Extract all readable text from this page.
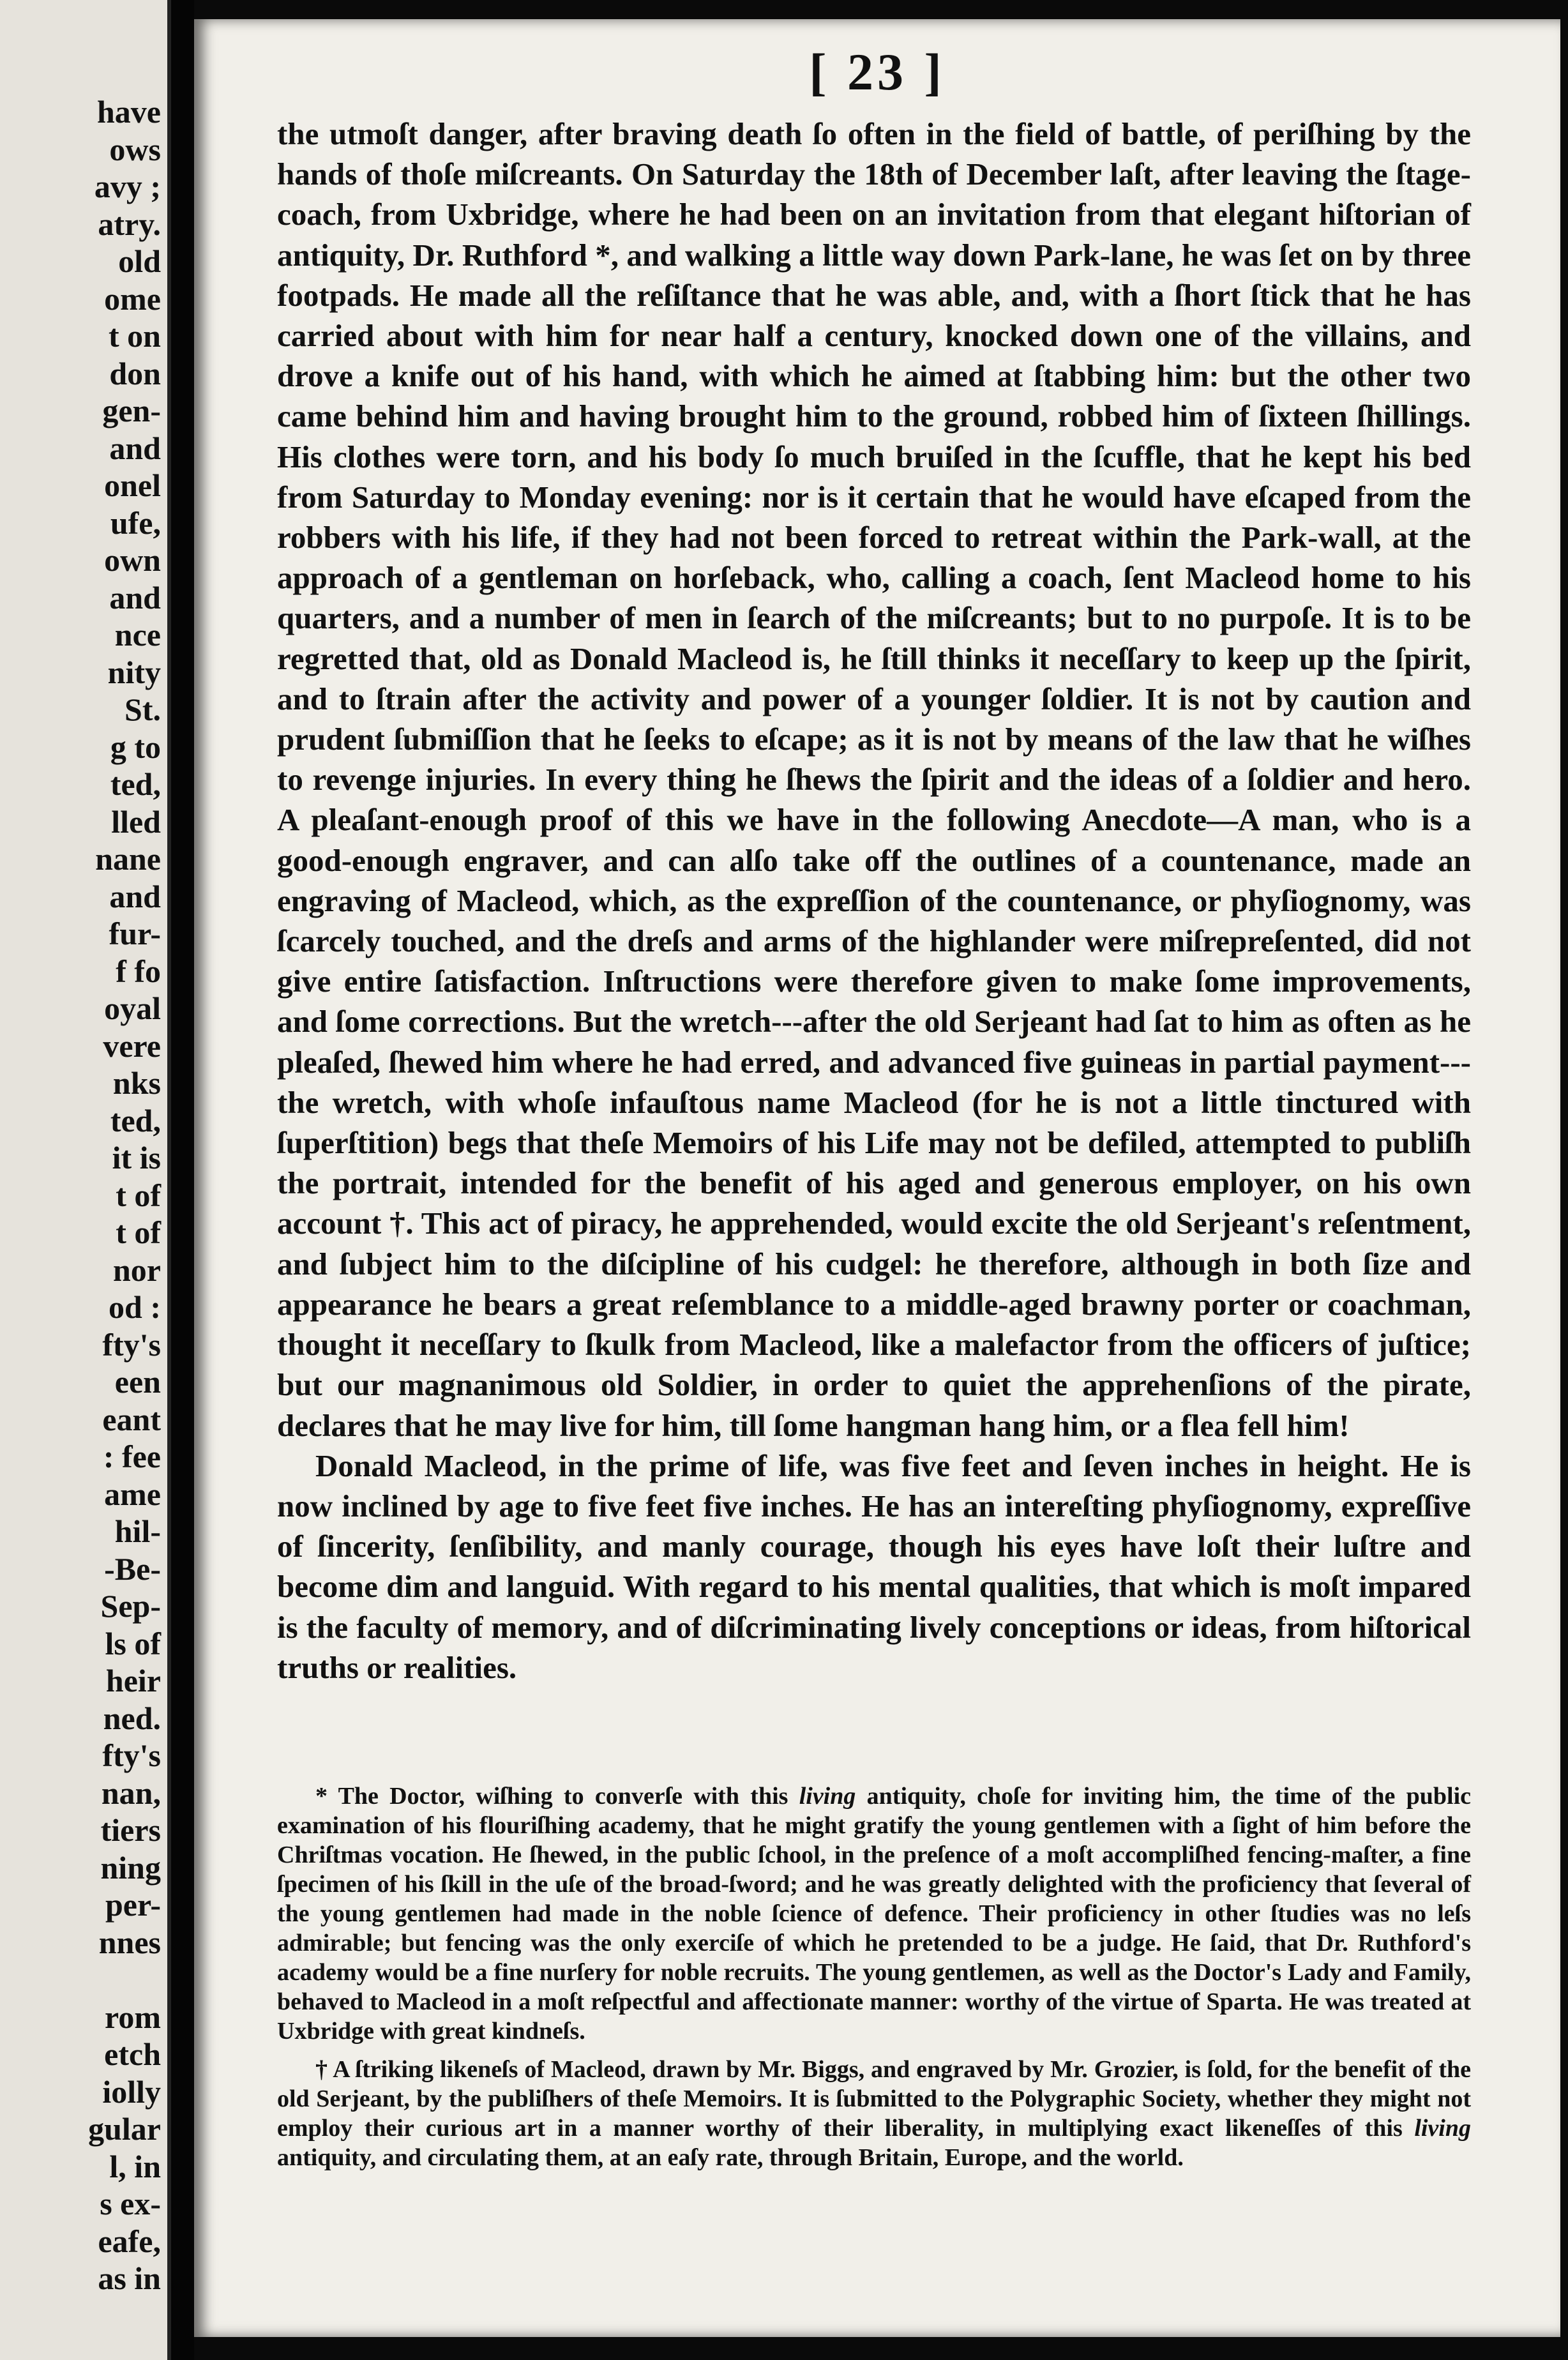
have
ows
avy ;
atry.
old
ome
t on
don
gen-
and
onel
ufe,
own
and
nce
nity
St.
g to
ted,
lled
nane
and
fur-
f fo
oyal
vere
nks
ted,
it is
t of
t of
nor
od :
fty's
een
eant
: fee
ame
hil-
-Be-
Sep-
ls of
heir
ned.
fty's
nan,
tiers
ning
per-
nnes
rom
etch
iolly
gular
l, in
s ex-
eafe,
as in
[ 23 ]

the utmoſt danger, after braving death ſo often in the field of battle, of periſhing by the hands of thoſe miſcreants. On Saturday the 18th of December laſt, after leaving the ſtage-coach, from Uxbridge, where he had been on an invitation from that elegant hiſtorian of antiquity, Dr. Ruthford *, and walking a little way down Park-lane, he was ſet on by three footpads. He made all the reſiſtance that he was able, and, with a ſhort ſtick that he has carried about with him for near half a century, knocked down one of the villains, and drove a knife out of his hand, with which he aimed at ſtabbing him: but the other two came behind him and having brought him to the ground, robbed him of ſixteen ſhillings. His clothes were torn, and his body ſo much bruiſed in the ſcuffle, that he kept his bed from Saturday to Monday evening: nor is it certain that he would have eſcaped from the robbers with his life, if they had not been forced to retreat within the Park-wall, at the approach of a gentleman on horſeback, who, calling a coach, ſent Macleod home to his quarters, and a number of men in ſearch of the miſcreants; but to no purpoſe. It is to be regretted that, old as Donald Macleod is, he ſtill thinks it neceſſary to keep up the ſpirit, and to ſtrain after the activity and power of a younger ſoldier. It is not by caution and prudent ſubmiſſion that he ſeeks to eſcape; as it is not by means of the law that he wiſhes to revenge injuries. In every thing he ſhews the ſpirit and the ideas of a ſoldier and hero. A pleaſant-enough proof of this we have in the following Anecdote—A man, who is a good-enough engraver, and can alſo take off the outlines of a countenance, made an engraving of Macleod, which, as the expreſſion of the countenance, or phyſiognomy, was ſcarcely touched, and the dreſs and arms of the highlander were miſrepreſented, did not give entire ſatisfaction. Inſtructions were therefore given to make ſome improvements, and ſome corrections. But the wretch---after the old Serjeant had ſat to him as often as he pleaſed, ſhewed him where he had erred, and advanced five guineas in partial payment---the wretch, with whoſe infauſtous name Macleod (for he is not a little tinctured with ſuperſtition) begs that theſe Memoirs of his Life may not be defiled, attempted to publiſh the portrait, intended for the benefit of his aged and generous employer, on his own account †. This act of piracy, he apprehended, would excite the old Serjeant's reſentment, and ſubject him to the diſcipline of his cudgel: he therefore, although in both ſize and appearance he bears a great reſemblance to a middle-aged brawny porter or coachman, thought it neceſſary to ſkulk from Macleod, like a malefactor from the officers of juſtice; but our magnanimous old Soldier, in order to quiet the apprehenſions of the pirate, declares that he may live for him, till ſome hangman hang him, or a flea fell him!

Donald Macleod, in the prime of life, was five feet and ſeven inches in height. He is now inclined by age to five feet five inches. He has an intereſting phyſiognomy, expreſſive of ſincerity, ſenſibility, and manly courage, though his eyes have loſt their luſtre and become dim and languid. With regard to his mental qualities, that which is moſt impared is the faculty of memory, and of diſcriminating lively conceptions or ideas, from hiſtorical truths or realities.

* The Doctor, wiſhing to converſe with this living antiquity, choſe for inviting him, the time of the public examination of his flouriſhing academy, that he might gratify the young gentlemen with a ſight of him before the Chriſtmas vocation. He ſhewed, in the public ſchool, in the preſence of a moſt accompliſhed fencing-maſter, a fine ſpecimen of his ſkill in the uſe of the broad-ſword; and he was greatly delighted with the proficiency that ſeveral of the young gentlemen had made in the noble ſcience of defence. Their proficiency in other ſtudies was no leſs admirable; but fencing was the only exerciſe of which he pretended to be a judge. He ſaid, that Dr. Ruthford's academy would be a fine nurſery for noble recruits. The young gentlemen, as well as the Doctor's Lady and Family, behaved to Macleod in a moſt reſpectful and affectionate manner: worthy of the virtue of Sparta. He was treated at Uxbridge with great kindneſs.

† A ſtriking likeneſs of Macleod, drawn by Mr. Biggs, and engraved by Mr. Grozier, is ſold, for the benefit of the old Serjeant, by the publiſhers of theſe Memoirs. It is ſubmitted to the Polygraphic Society, whether they might not employ their curious art in a manner worthy of their liberality, in multiplying exact likeneſſes of this living antiquity, and circulating them, at an eaſy rate, through Britain, Europe, and the world.
